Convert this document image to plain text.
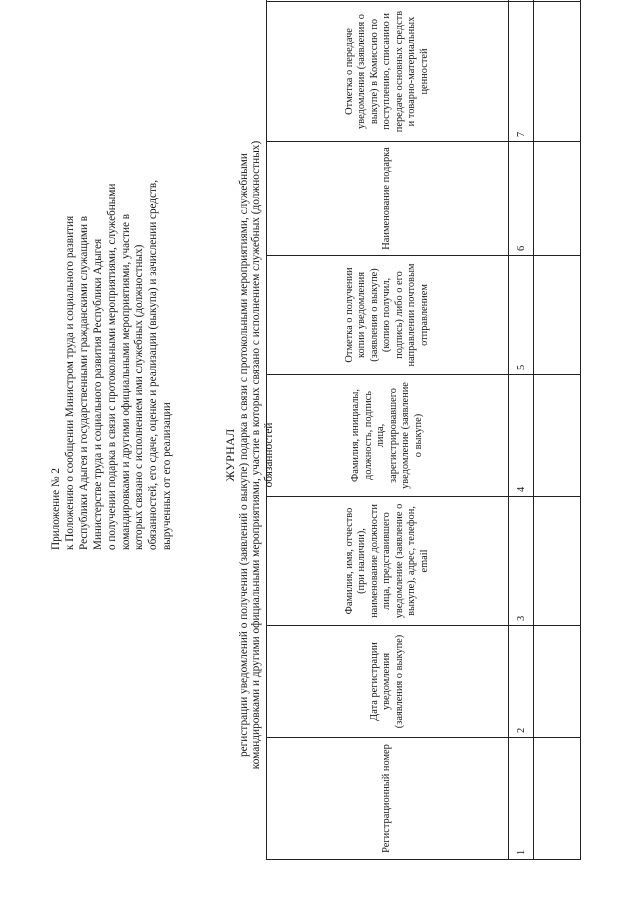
Приложение № 2 к Положению о сообщении Министром труда и социального развития Республики Адыгея и государственными гражданскими служащими в Министерстве труда и социального развития Республики Адыгея о получении подарка в связи с протокольными мероприятиями, служебными командировками и другими официальными мероприятиями, участие в которых связано с исполнением ими служебных (должностных) обязанностей, его сдаче, оценке и реализации (выкупа) и зачислении средств, вырученных от его реализации	ЖУРНАЛ регистрации уведомлений о получении (заявлений о выкупе) подарка в связи с протокольными мероприятиями, служебными командировками и другими официальными мероприятиями, участие в которых связано с исполнением служебных (должностных) обязанностей
Регистрационный номер	Дата регистрации уведомления (заявления о выкупе)	Фамилия, имя, отчество (при наличии), наименование должности лица, представившего уведомление (заявление о выкупе), адрес, телефон, email	Фамилия, инициалы, должность, подпись лица, зарегистрировавшего уведомление (заявление о выкупе)	Отметка о получении копии уведомления (заявления о выкупе) (копию получил, подпись) либо о его направлении почтовым отправлением	Наименование подарка	Отметка о передаче уведомления (заявления о выкупе) в Комиссию по поступлению, списанию и передаче основных средств и товарно-материальных ценностей	
1	2	3	4	5	6	7	
